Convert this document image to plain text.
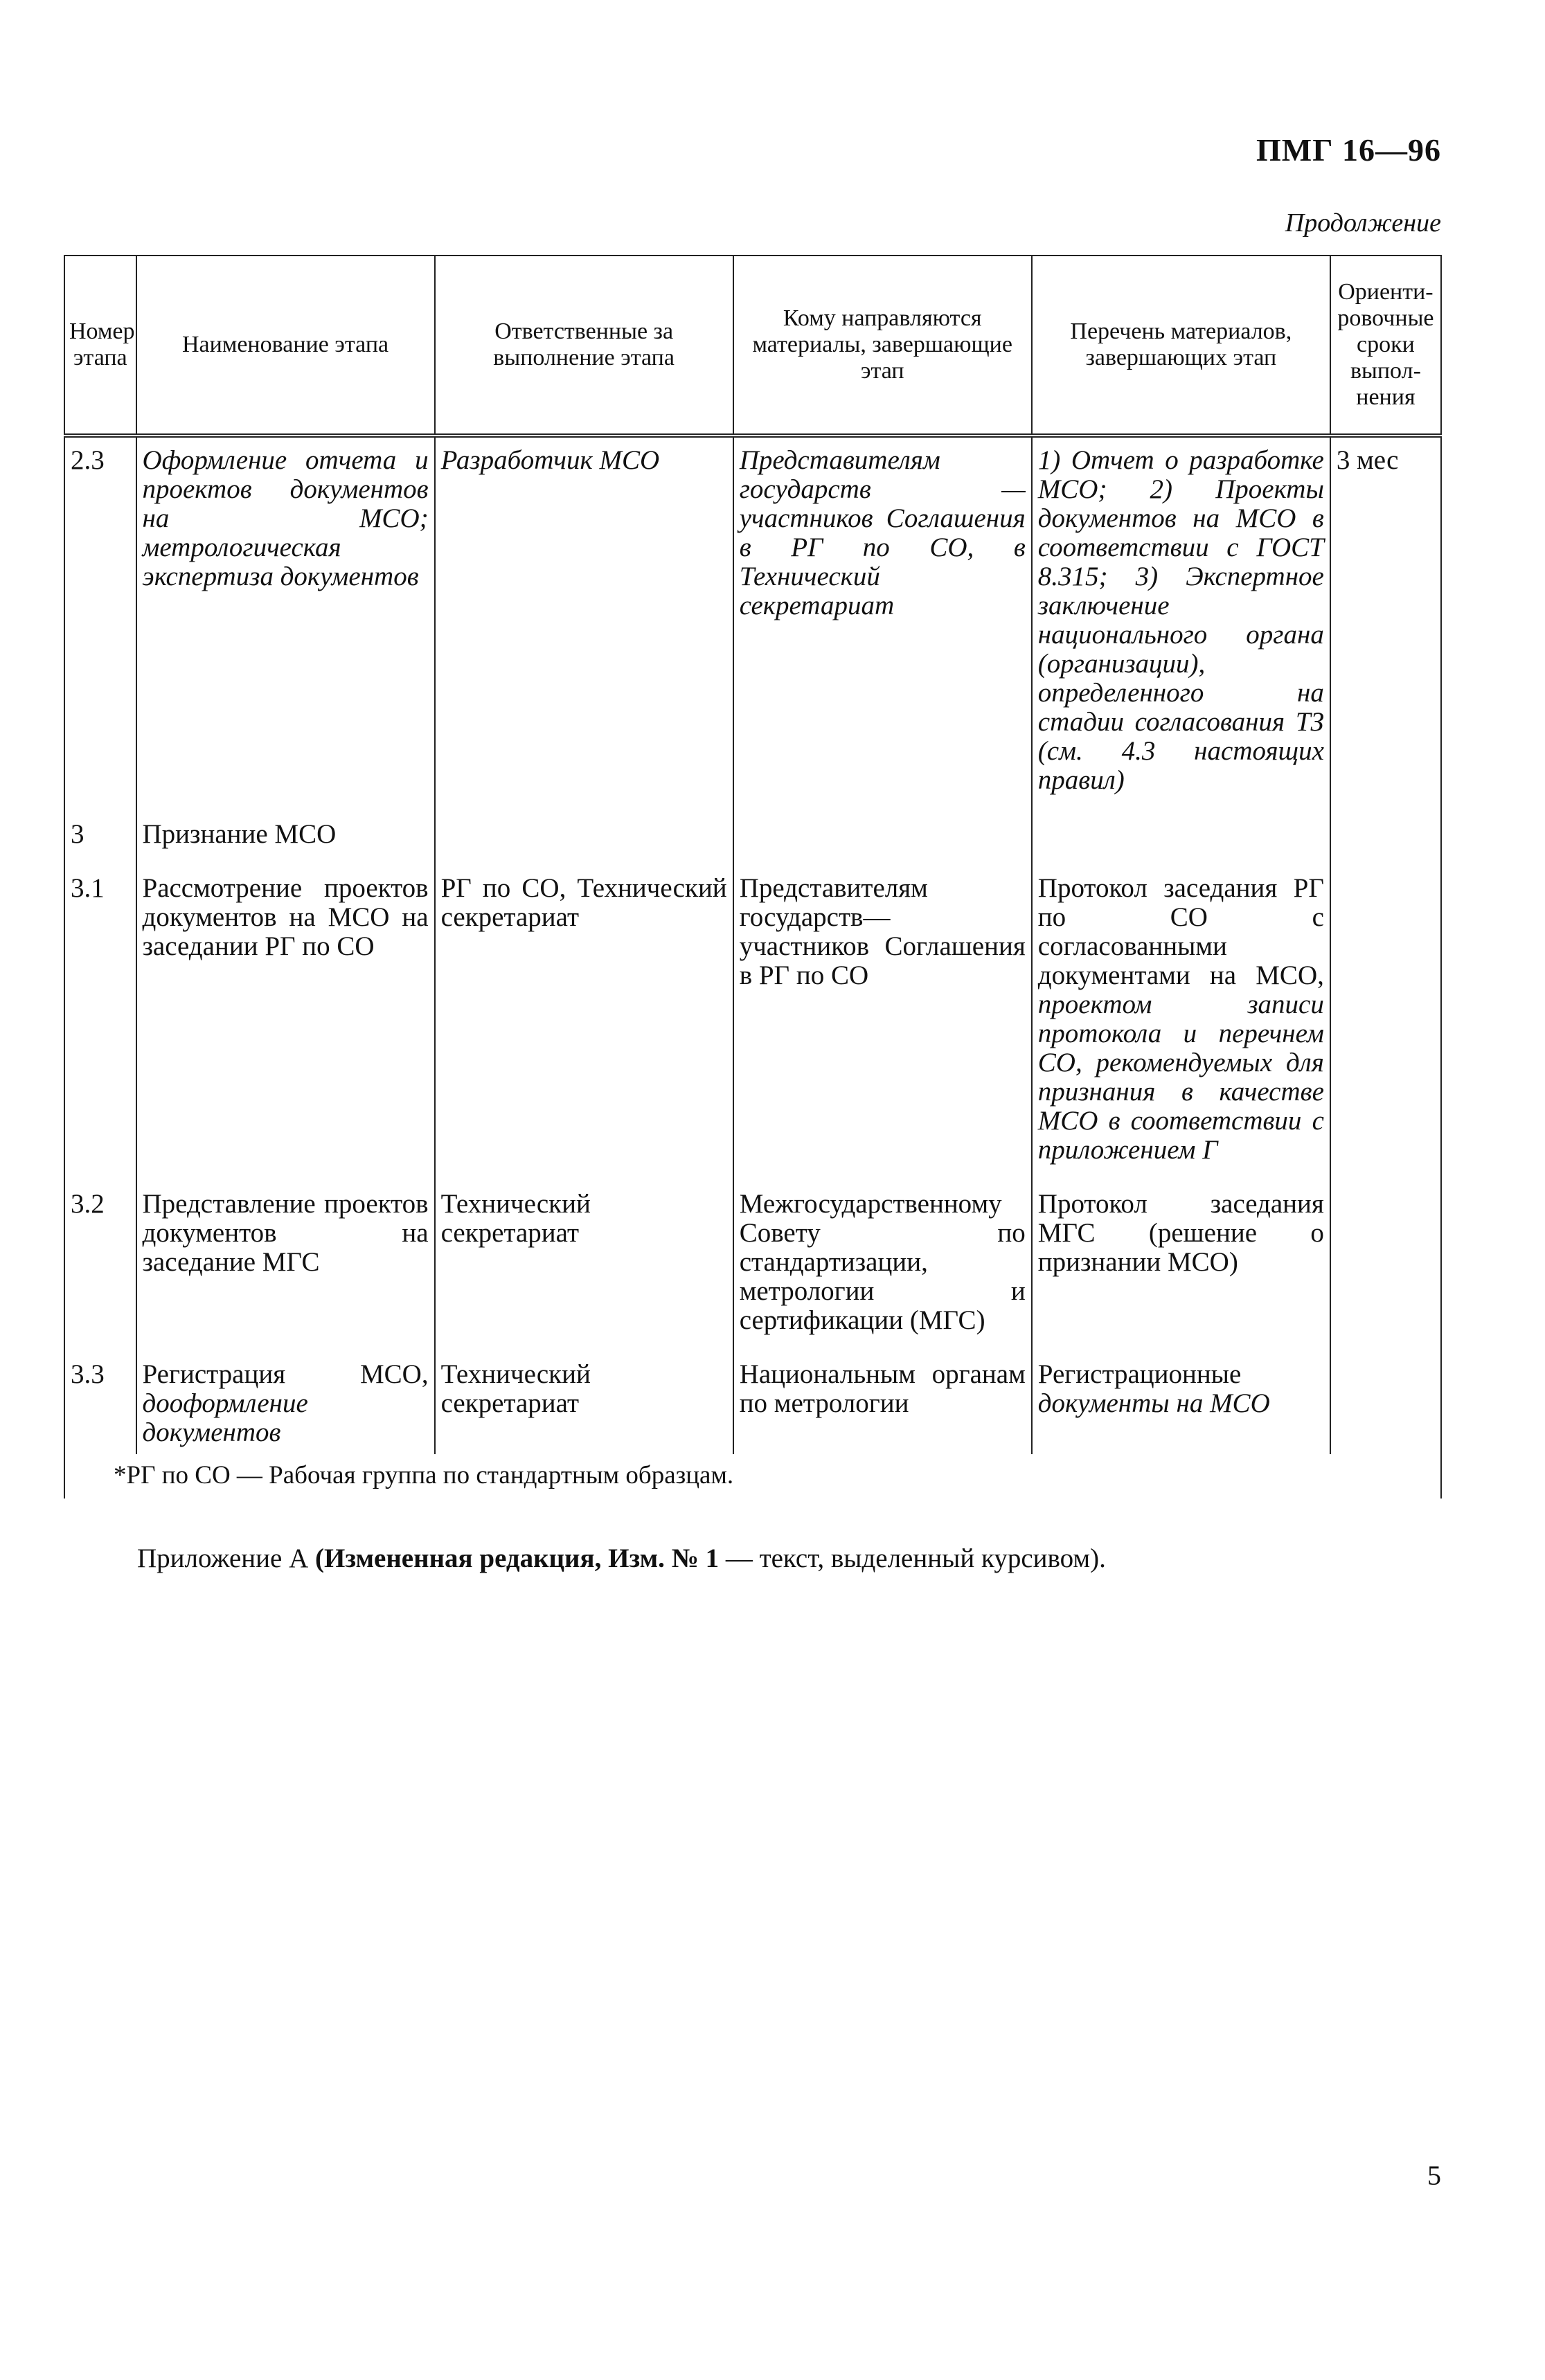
ПМГ 16—96
Продолжение
Номер этапа	Наименование этапа	Ответственные за выполнение этапа	Кому направляются материалы, завершающие этап	Перечень материалов, завершающих этап	Ориенти-ровочные сроки выпол-нения
2.3	Оформление отчета и проектов документов на МСО; метрологическая экспертиза документов	Разработчик МСО	Представителям государств — участников Соглашения в РГ по СО, в Технический секретариат	1) Отчет о разработке МСО; 2) Проекты документов на МСО в соответствии с ГОСТ 8.315; 3) Экспертное заключение национального органа (организации), определенного на стадии согласования ТЗ (см. 4.3 настоящих правил)	3 мес
3	Признание МСО				
3.1	Рассмотрение проектов документов на МСО на заседании РГ по СО	РГ по СО, Технический секретариат	Представителям государств— участников Соглашения в РГ по СО	Протокол заседания РГ по СО с согласованными документами на МСО, проектом записи протокола и перечнем СО, рекомендуемых для признания в качестве МСО в соответствии с приложением Г	
3.2	Представление проектов документов на заседание МГС	Технический секретариат	Межгосударственному Совету по стандартизации, метрологии и сертификации (МГС)	Протокол заседания МГС (решение о признании МСО)	
3.3	Регистрация МСО, дооформление документов	Технический секретариат	Национальным органам по метрологии	Регистрационные документы на МСО	
*РГ по СО — Рабочая группа по стандартным образцам.					
Приложение А (Измененная редакция, Изм. № 1 — текст, выделенный курсивом).
5
